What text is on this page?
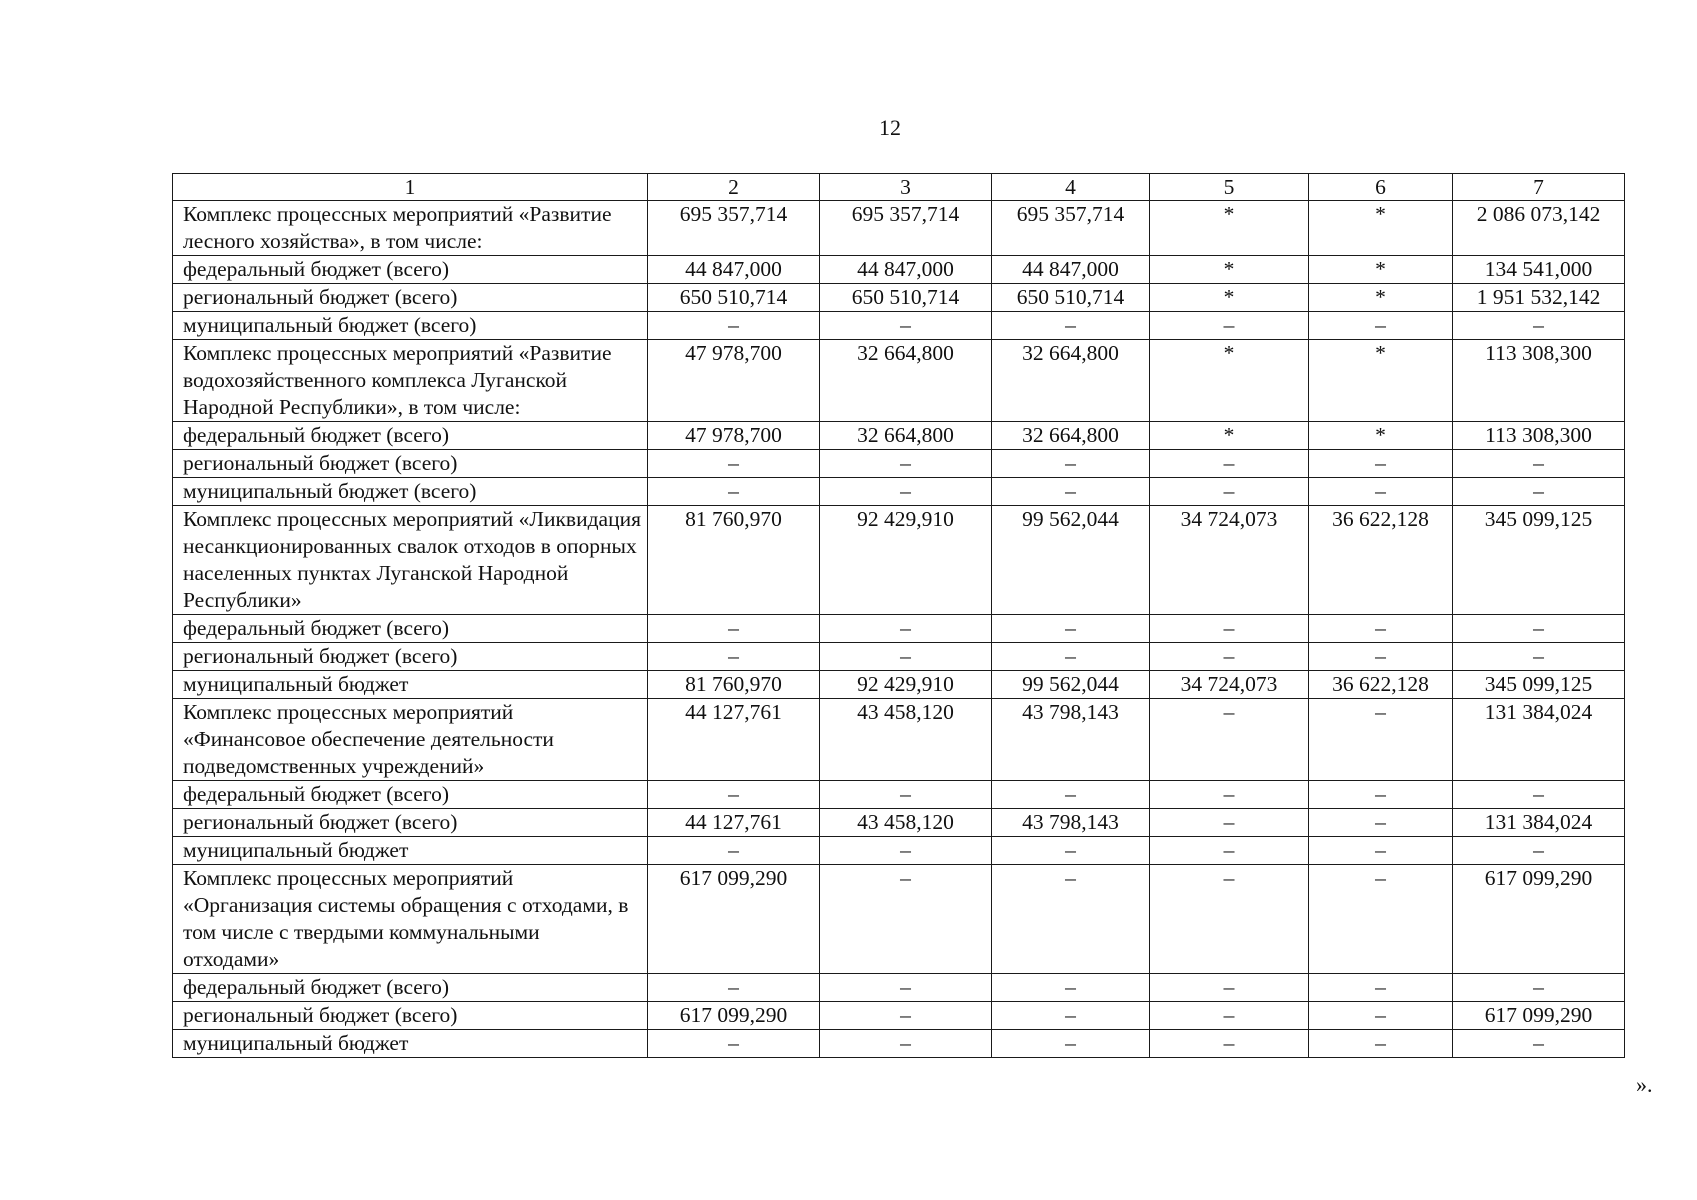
12
1	2	3	4	5	6	7
Комплекс процессных мероприятий «Развитие лесного хозяйства», в том числе:	695 357,714	695 357,714	695 357,714	*	*	2 086 073,142
федеральный бюджет (всего)	44 847,000	44 847,000	44 847,000	*	*	134 541,000
региональный бюджет (всего)	650 510,714	650 510,714	650 510,714	*	*	1 951 532,142
муниципальный бюджет (всего)	–	–	–	–	–	–
Комплекс процессных мероприятий «Развитие водохозяйственного комплекса Луганской Народной Республики», в том числе:	47 978,700	32 664,800	32 664,800	*	*	113 308,300
федеральный бюджет (всего)	47 978,700	32 664,800	32 664,800	*	*	113 308,300
региональный бюджет (всего)	–	–	–	–	–	–
муниципальный бюджет (всего)	–	–	–	–	–	–
Комплекс процессных мероприятий «Ликвидация несанкционированных свалок отходов в опорных населенных пунктах Луганской Народной Республики»	81 760,970	92 429,910	99 562,044	34 724,073	36 622,128	345 099,125
федеральный бюджет (всего)	–	–	–	–	–	–
региональный бюджет (всего)	–	–	–	–	–	–
муниципальный бюджет	81 760,970	92 429,910	99 562,044	34 724,073	36 622,128	345 099,125
Комплекс процессных мероприятий «Финансовое обеспечение деятельности подведомственных учреждений»	44 127,761	43 458,120	43 798,143	–	–	131 384,024
федеральный бюджет (всего)	–	–	–	–	–	–
региональный бюджет (всего)	44 127,761	43 458,120	43 798,143	–	–	131 384,024
муниципальный бюджет	–	–	–	–	–	–
Комплекс процессных мероприятий «Организация системы обращения с отходами, в том числе с твердыми коммунальными отходами»	617 099,290	–	–	–	–	617 099,290
федеральный бюджет (всего)	–	–	–	–	–	–
региональный бюджет (всего)	617 099,290	–	–	–	–	617 099,290
муниципальный бюджет	–	–	–	–	–	–
».
